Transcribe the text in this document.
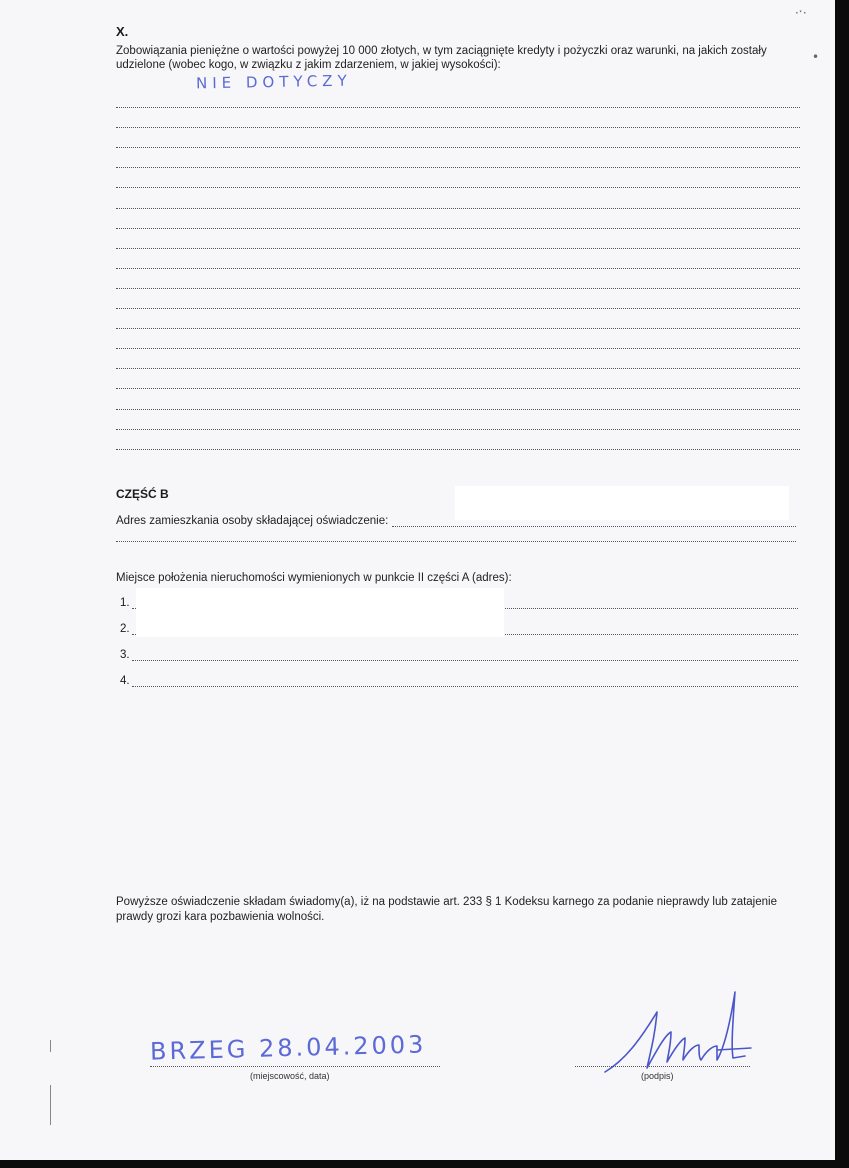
·ˑ·
•
X.
Zobowiązania pieniężne o wartości powyżej 10 000 złotych, w tym zaciągnięte kredyty i pożyczki oraz warunki, na jakich zostały udzielone (wobec kogo, w związku z jakim zdarzeniem, w jakiej wysokości):
NIE DOTYCZY
CZĘŚĆ B
Adres zamieszkania osoby składającej oświadczenie:
Miejsce położenia nieruchomości wymienionych w punkcie II części A (adres):
1.
2.
3.
4.
Powyższe oświadczenie składam świadomy(a), iż na podstawie art. 233 § 1 Kodeksu karnego za podanie nieprawdy lub zatajenie prawdy grozi kara pozbawienia wolności.
BRZEG 28.04.2003
(miejscowość, data)	(podpis)
